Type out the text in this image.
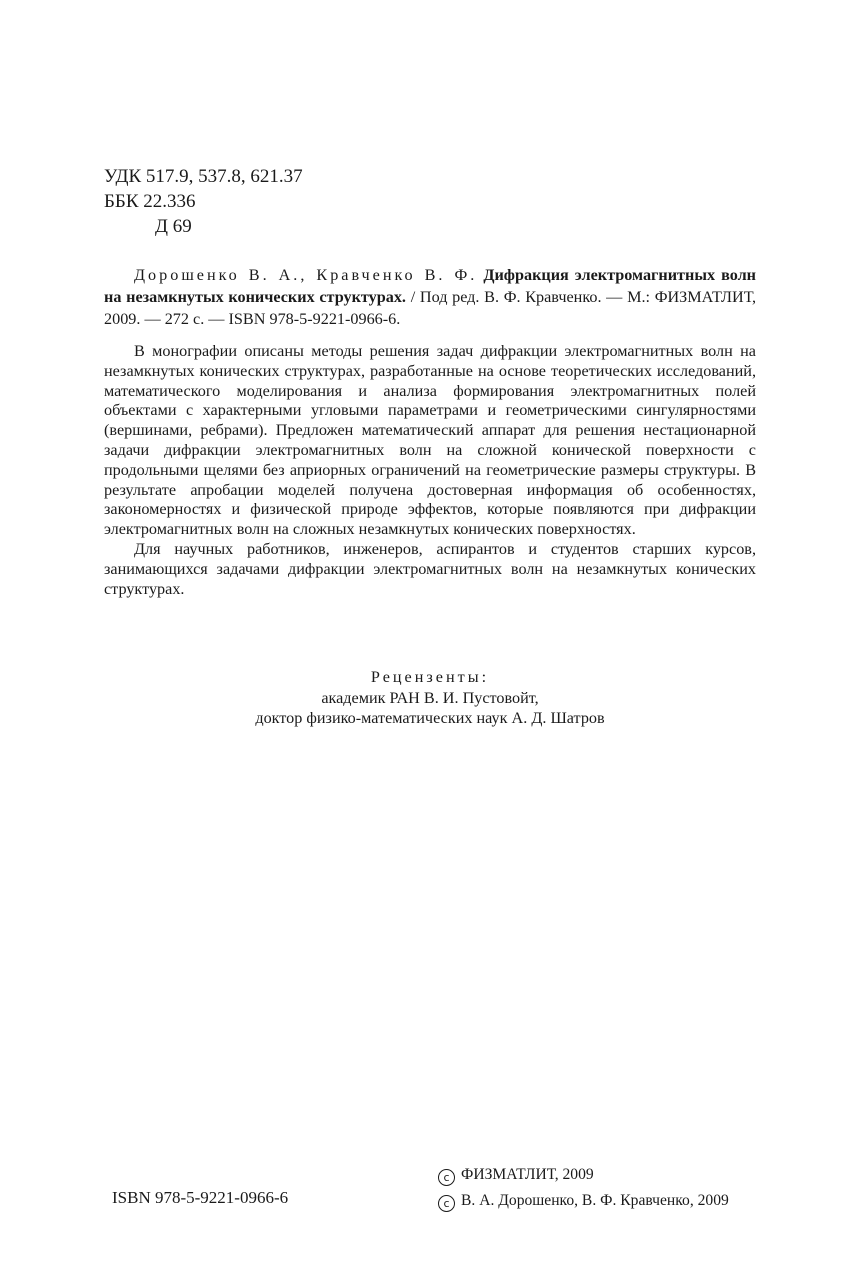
УДК 517.9, 537.8, 621.37
ББК 22.336
Д 69

Дорошенко В. А., Кравченко В. Ф. Дифракция электромагнитных волн на незамкнутых конических структурах. / Под ред. В. Ф. Кравченко. — М.: ФИЗМАТЛИТ, 2009. — 272 с. — ISBN 978-5-9221-0966-6.

В монографии описаны методы решения задач дифракции электромагнитных волн на незамкнутых конических структурах, разработанные на основе теоретических исследований, математического моделирования и анализа формирования электромагнитных полей объектами с характерными угловыми параметрами и геометрическими сингулярностями (вершинами, ребрами). Предложен математический аппарат для решения нестационарной задачи дифракции электромагнитных волн на сложной конической поверхности с продольными щелями без априорных ограничений на геометрические размеры структуры. В результате апробации моделей получена достоверная информация об особенностях, закономерностях и физической природе эффектов, которые появляются при дифракции электромагнитных волн на сложных незамкнутых конических поверхностях.

Для научных работников, инженеров, аспирантов и студентов старших курсов, занимающихся задачами дифракции электромагнитных волн на незамкнутых конических структурах.

Рецензенты:
академик РАН В. И. Пустовойт,
доктор физико-математических наук А. Д. Шатров
ISBN 978-5-9221-0966-6
c ФИЗМАТЛИТ, 2009
c В. А. Дорошенко, В. Ф. Кравченко, 2009
